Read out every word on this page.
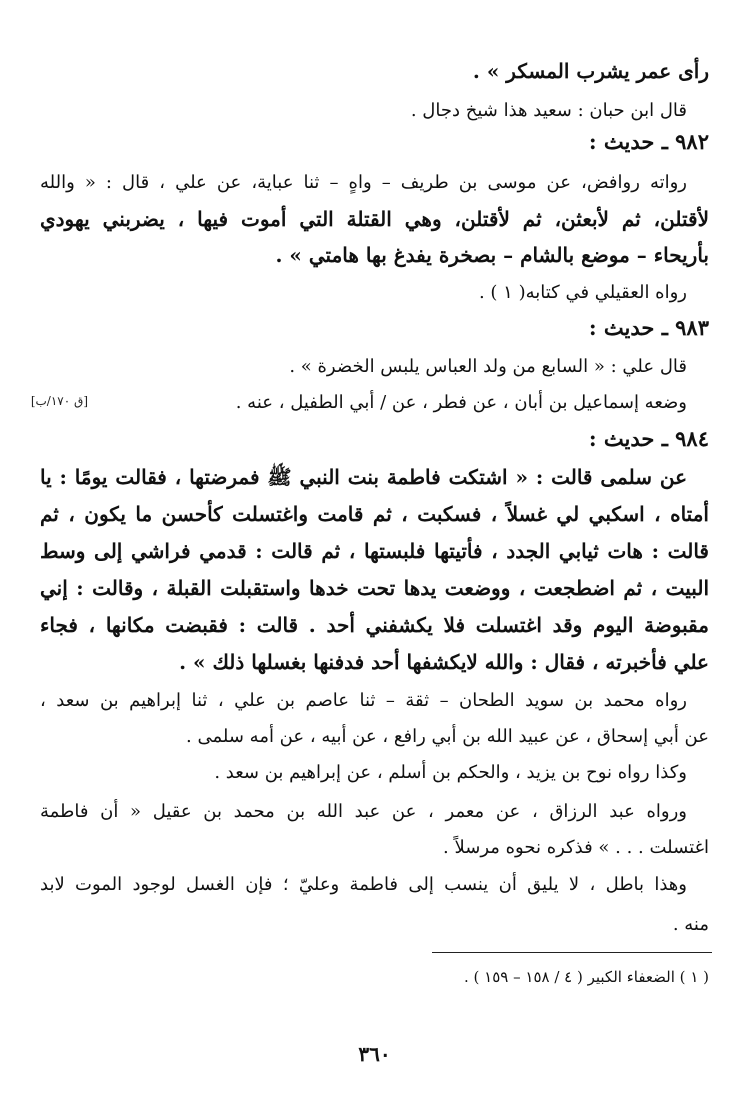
رأى عمر يشرب المسكر » .
قال ابن حبان : سعيد هذا شيخ دجال .
٩٨٢ ـ حديث :
رواته روافض، عن موسى بن طريف – واهٍ – ثنا عباية، عن علي ، قال : « والله
لأقتلن، ثم لأبعثن، ثم لأقتلن، وهي القتلة التي أموت فيها ، يضربني يهودي
بأريحاء – موضع بالشام – بصخرة يفدغ بها هامتي » .
رواه العقيلي في كتابه( ١ ) .
٩٨٣ ـ حديث :
قال علي : « السابع من ولد العباس يلبس الخضرة » .
وضعه إسماعيل بن أبان ، عن فطر ، عن / أبي الطفيل ، عنه .
[ق ١٧٠/ب]
٩٨٤ ـ حديث :
عن سلمى قالت : « اشتكت فاطمة بنت النبي ﷺ فمرضتها ، فقالت يومًا : يا
أمتاه ، اسكبي لي غسلاً ، فسكبت ، ثم قامت واغتسلت كأحسن ما يكون ، ثم
قالت : هات ثيابي الجدد ، فأتيتها فلبستها ، ثم قالت : قدمي فراشي إلى وسط
البيت ، ثم اضطجعت ، ووضعت يدها تحت خدها واستقبلت القبلة ، وقالت : إني
مقبوضة اليوم وقد اغتسلت فلا يكشفني أحد . قالت : فقبضت مكانها ، فجاء
علي فأخبرته ، فقال : والله لايكشفها أحد فدفنها بغسلها ذلك » .
رواه محمد بن سويد الطحان – ثقة – ثنا عاصم بن علي ، ثنا إبراهيم بن سعد ،
عن أبي إسحاق ، عن عبيد الله بن أبي رافع ، عن أبيه ، عن أمه سلمى .
وكذا رواه نوح بن يزيد ، والحكم بن أسلم ، عن إبراهيم بن سعد .
ورواه عبد الرزاق ، عن معمر ، عن عبد الله بن محمد بن عقيل « أن فاطمة
اغتسلت . . . » فذكره نحوه مرسلاً .
وهذا باطل ، لا يليق أن ينسب إلى فاطمة وعليّ ؛ فإن الغسل لوجود الموت لابد
منه .
( ١ ) الضعفاء الكبير ( ٤ / ١٥٨ – ١٥٩ ) .
٣٦٠
